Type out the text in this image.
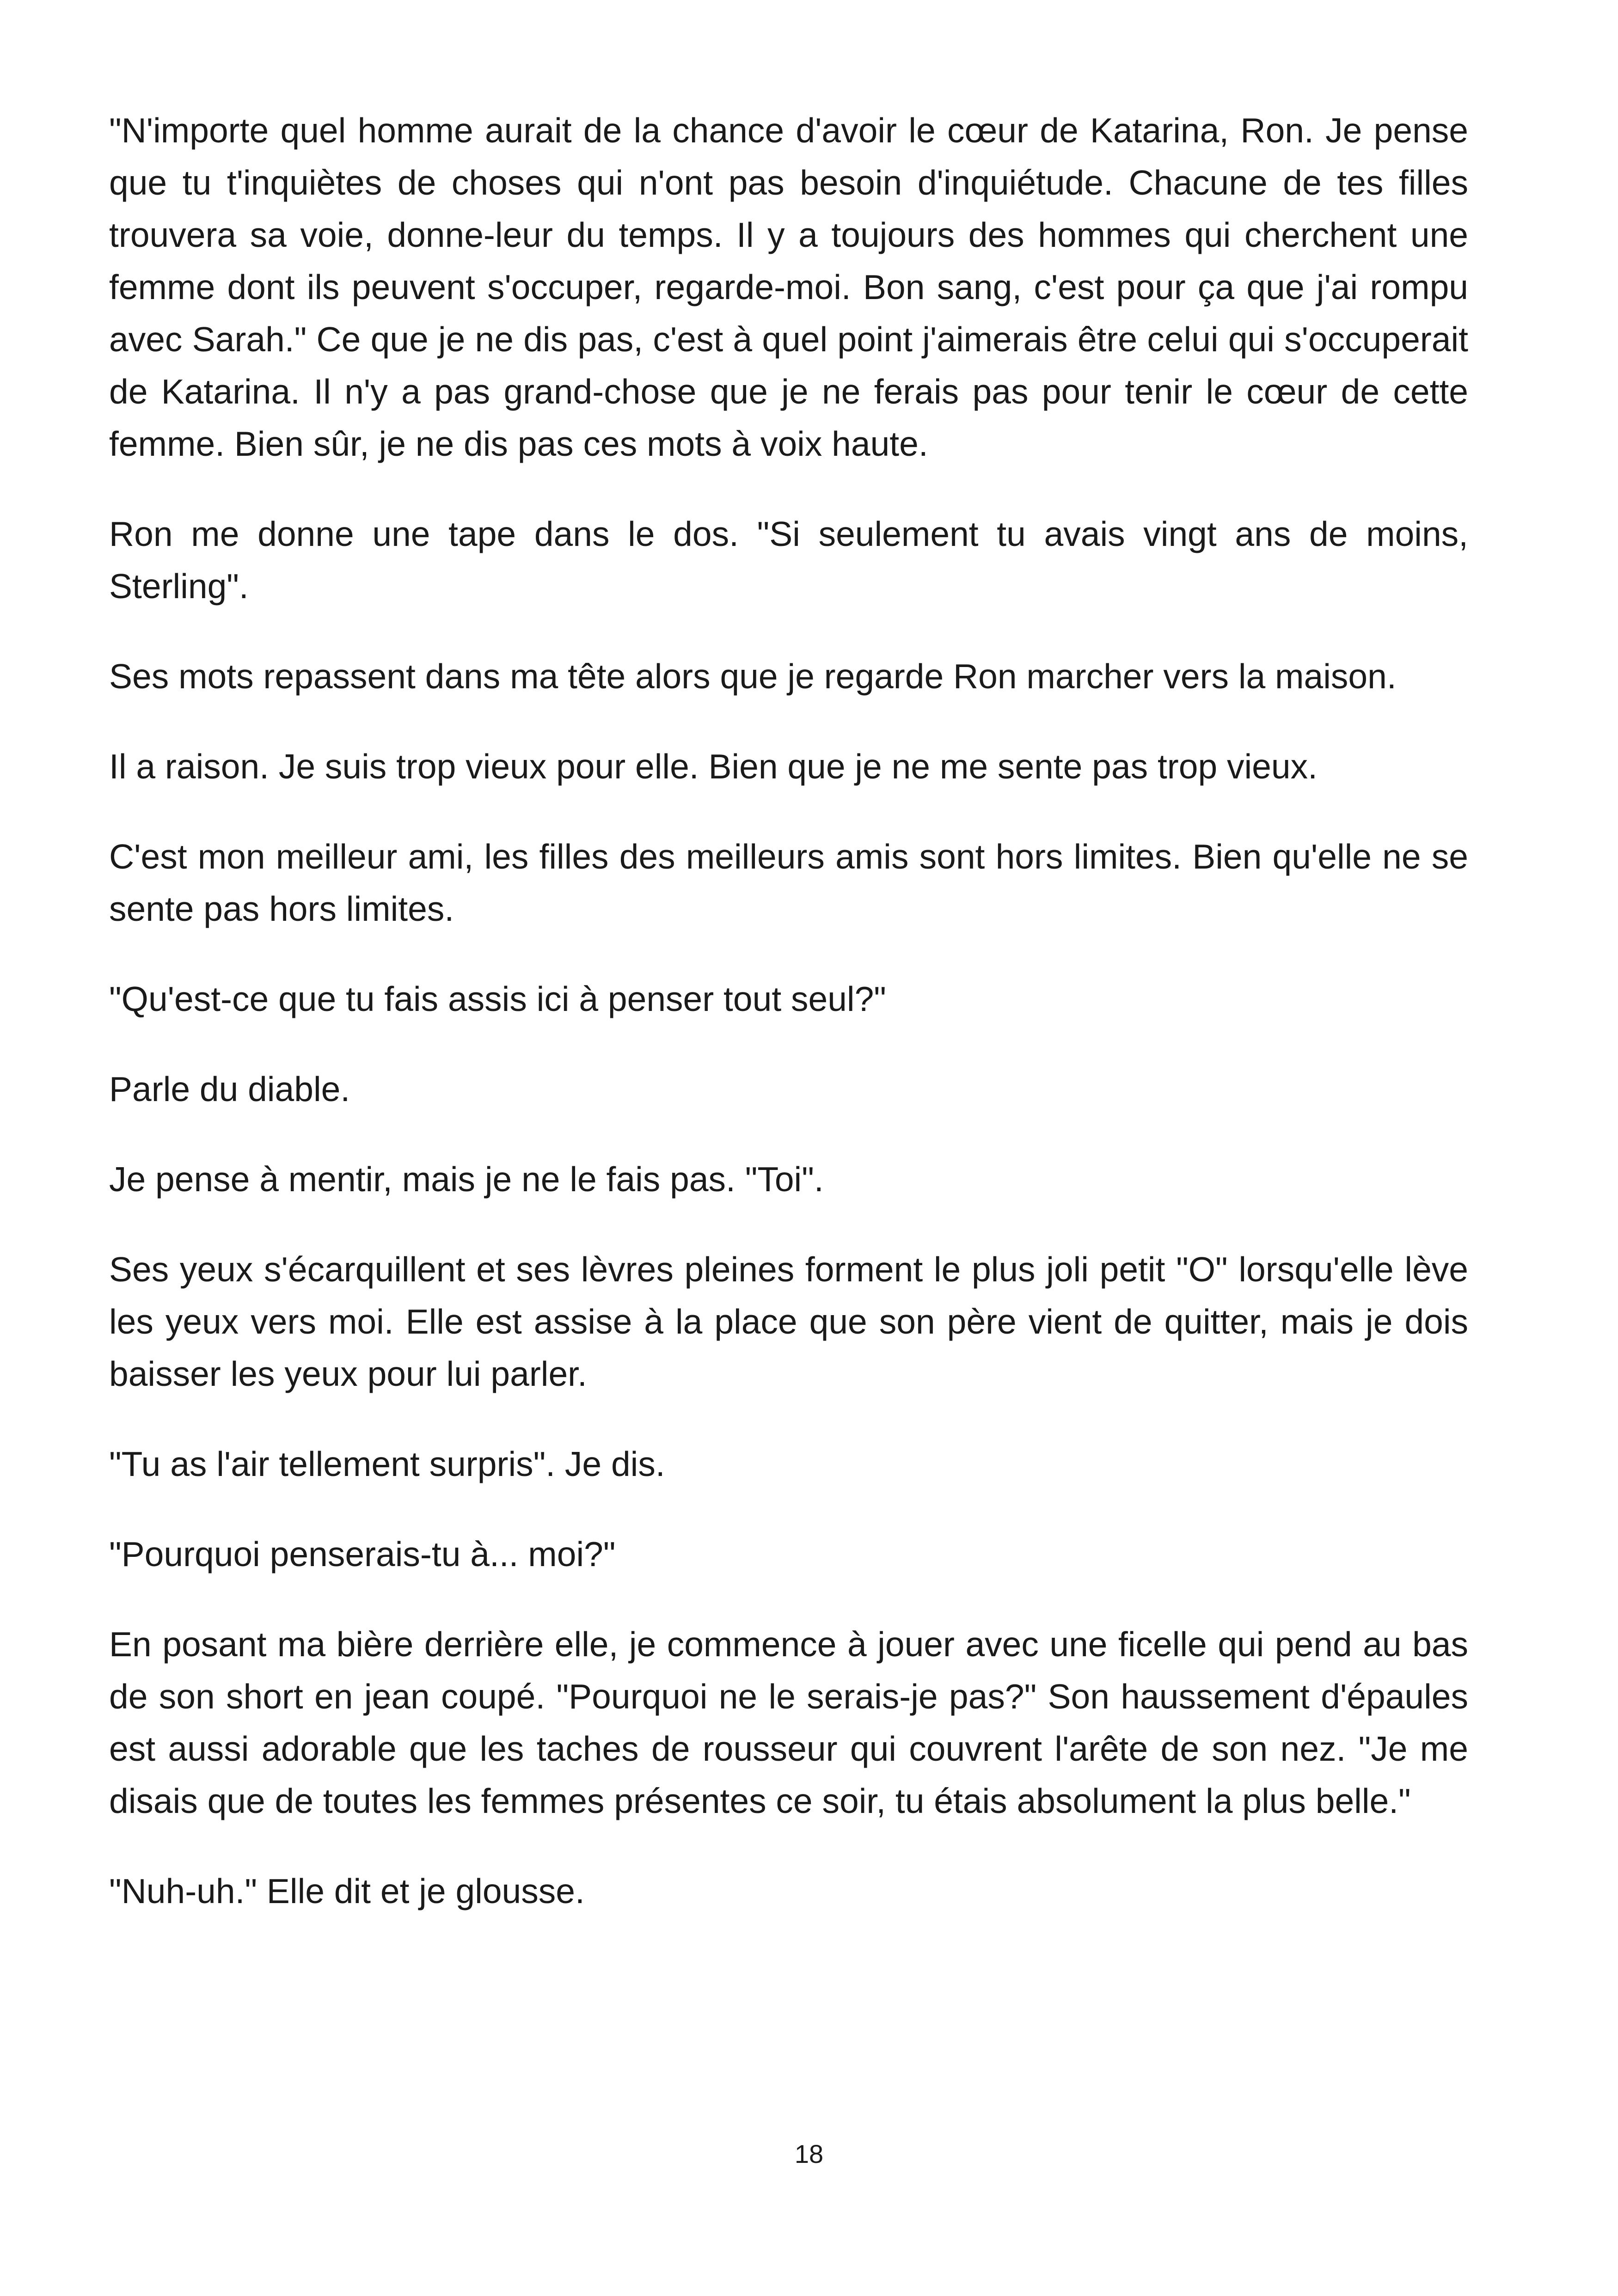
"N'importe quel homme aurait de la chance d'avoir le cœur de Katarina, Ron. Je pense que tu t'inquiètes de choses qui n'ont pas besoin d'inquiétude. Chacune de tes filles trouvera sa voie, donne-leur du temps. Il y a toujours des hommes qui cherchent une femme dont ils peuvent s'occuper, regarde-moi. Bon sang, c'est pour ça que j'ai rompu avec Sarah." Ce que je ne dis pas, c'est à quel point j'aimerais être celui qui s'occuperait de Katarina. Il n'y a pas grand-chose que je ne ferais pas pour tenir le cœur de cette femme. Bien sûr, je ne dis pas ces mots à voix haute.

Ron me donne une tape dans le dos. "Si seulement tu avais vingt ans de moins, Sterling".

Ses mots repassent dans ma tête alors que je regarde Ron marcher vers la maison.

Il a raison. Je suis trop vieux pour elle. Bien que je ne me sente pas trop vieux.

C'est mon meilleur ami, les filles des meilleurs amis sont hors limites. Bien qu'elle ne se sente pas hors limites.

"Qu'est-ce que tu fais assis ici à penser tout seul?"

Parle du diable.

Je pense à mentir, mais je ne le fais pas. "Toi".

Ses yeux s'écarquillent et ses lèvres pleines forment le plus joli petit "O" lorsqu'elle lève les yeux vers moi. Elle est assise à la place que son père vient de quitter, mais je dois baisser les yeux pour lui parler.

"Tu as l'air tellement surpris". Je dis.

"Pourquoi penserais-tu à... moi?"

En posant ma bière derrière elle, je commence à jouer avec une ficelle qui pend au bas de son short en jean coupé. "Pourquoi ne le serais-je pas?" Son haussement d'épaules est aussi adorable que les taches de rousseur qui couvrent l'arête de son nez. "Je me disais que de toutes les femmes présentes ce soir, tu étais absolument la plus belle."

"Nuh-uh." Elle dit et je glousse.

18
